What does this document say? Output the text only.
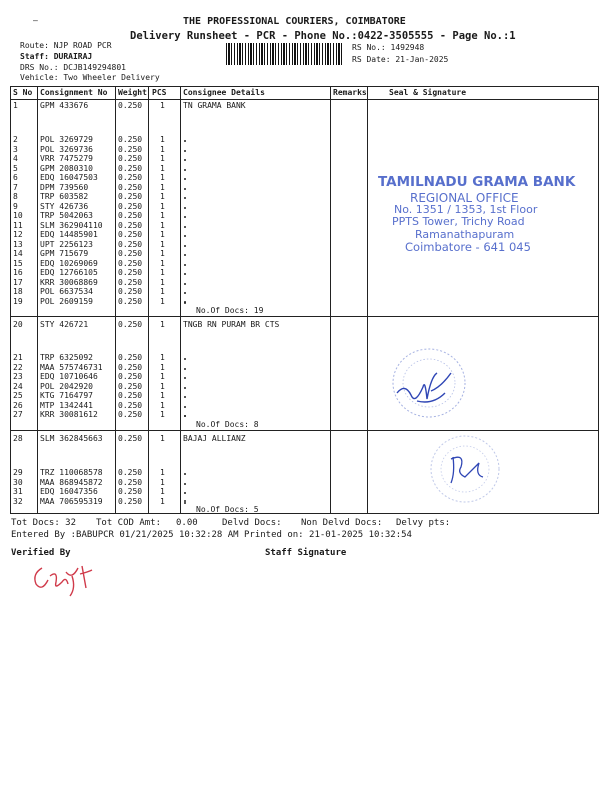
–	THE PROFESSIONAL COURIERS, COIMBATORE
Delivery Runsheet - PCR - Phone No.:0422-3505555 - Page No.:1
Route: NJP ROAD PCR
Staff: DURAIRAJ
DRS No.: DCJB149294801
Vehicle: Two Wheeler Delivery
RS No.: 1492948
RS Date: 21-Jan-2025
S No Consignment No Weight PCS Consignee Details	Remarks	Seal & Signature
TN GRAMA BANK
1	GPM 433676	0.250 1
2	POL 3269729	0.250 1
3	POL 3269736	0.250 1
4	VRR 7475279	0.250 1
5	GPM 2080310	0.250 1
6	EDQ 16047503	0.250 1
7	DPM 739560	0.250 1
8	TRP 603582	0.250 1
9	STY 426736	0.250 1
10 TRP 5042063	0.250 1
11 SLM 362904110 0.250 1
12 EDQ 14485901	0.250 1
13 UPT 2256123	0.250 1
14 GPM 715679	0.250 1
15 EDQ 10269069	0.250 1
16 EDQ 12766105	0.250 1
17 KRR 30068869	0.250 1
18 POL 6637534	0.250 1
19 POL 2609159	0.250 1
No.Of Docs: 19
TNGB RN PURAM BR CTS
20 STY 426721	0.250 1
21 TRP 6325092	0.250 1
22 MAA 575746731 0.250 1
23 EDQ 10710646	0.250 1
24 POL 2042920	0.250 1
25 KTG 7164797	0.250 1
26 MTP 1342441	0.250 1
27 KRR 30081612	0.250 1
No.Of Docs: 8
BAJAJ ALLIANZ
28 SLM 362845663 0.250 1
29 TRZ 110068578 0.250 1
30 MAA 868945872 0.250 1
31 EDQ 16047356	0.250 1
32 MAA 706595319 0.250 1
No.Of Docs: 5
TAMILNADU GRAMA BANK
REGIONAL OFFICE
No. 1351 / 1353, 1st Floor
PPTS Tower, Trichy Road
Ramanathapuram
Coimbatore - 641 045
Tot Docs: 32 Tot COD Amt: 0.00	Delvd Docs: Non Delvd Docs: Delvy pts:
Entered By :BABUPCR 01/21/2025 10:32:28 AM Printed on: 21-01-2025 10:32:54
Verified By	Staff Signature
